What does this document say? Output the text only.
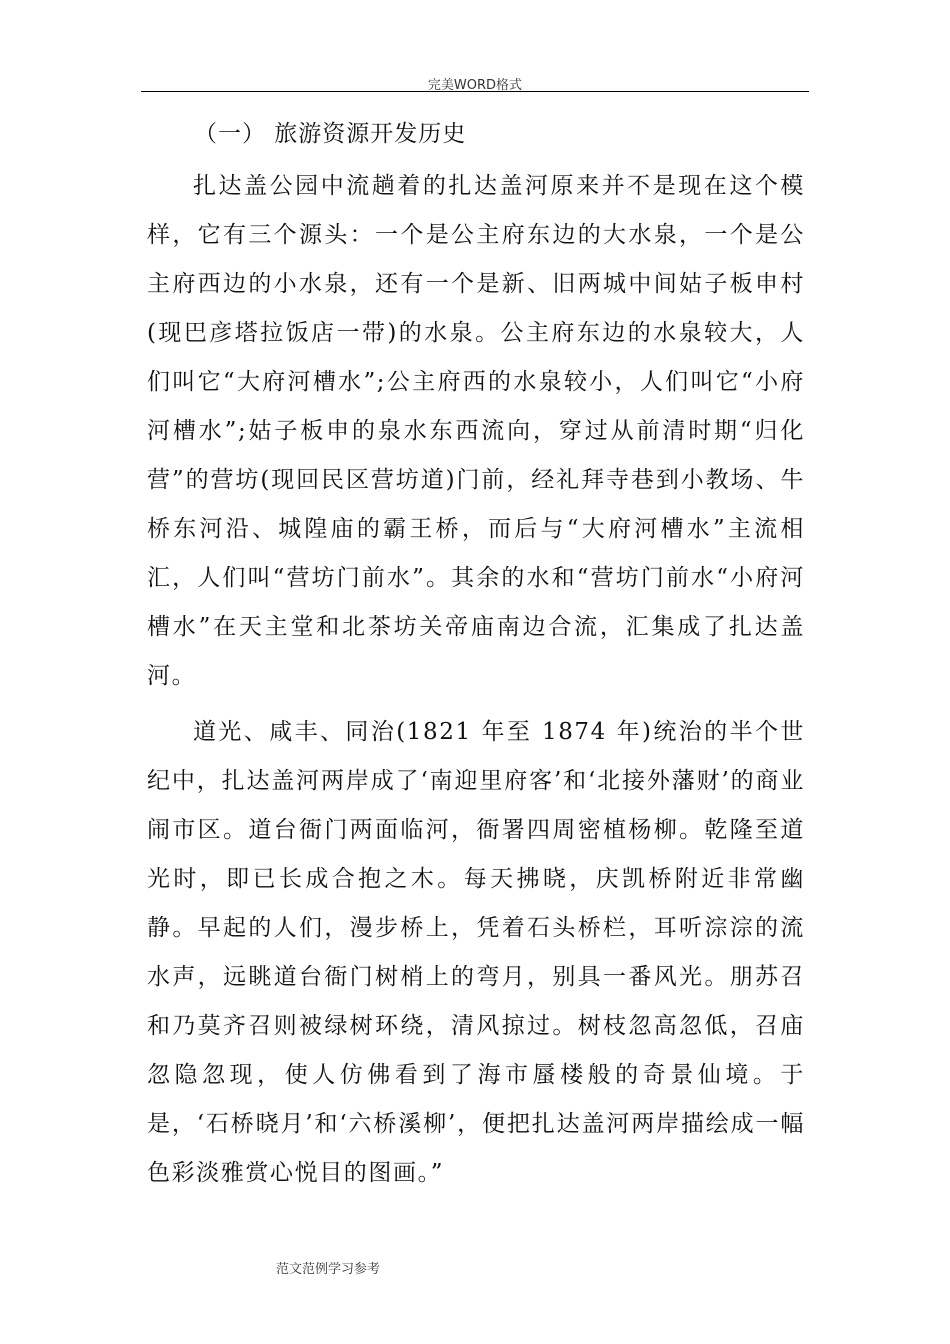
完美WORD格式
（一） 旅游资源开发历史

扎达盖公园中流趟着的扎达盖河原来并不是现在这个模样，它有三个源头：一个是公主府东边的大水泉，一个是公主府西边的小水泉，还有一个是新、旧两城中间姑子板申村(现巴彦塔拉饭店一带)的水泉。公主府东边的水泉较大，人们叫它“大府河槽水”;公主府西的水泉较小，人们叫它“小府河槽水”;姑子板申的泉水东西流向，穿过从前清时期“归化营”的营坊(现回民区营坊道)门前，经礼拜寺巷到小教场、牛桥东河沿、城隍庙的霸王桥，而后与“大府河槽水”主流相汇，人们叫“营坊门前水”。其余的水和“营坊门前水“小府河槽水”在天主堂和北茶坊关帝庙南边合流，汇集成了扎达盖河。

道光、咸丰、同治(1821 年至 1874 年)统治的半个世纪中，扎达盖河两岸成了‘南迎里府客’和‘北接外藩财’的商业闹市区。道台衙门两面临河，衙署四周密植杨柳。乾隆至道光时，即已长成合抱之木。每天拂晓，庆凯桥附近非常幽静。早起的人们，漫步桥上，凭着石头桥栏，耳听淙淙的流水声，远眺道台衙门树梢上的弯月，别具一番风光。朋苏召和乃莫齐召则被绿树环绕，清风掠过。树枝忽高忽低，召庙忽隐忽现，使人仿佛看到了海市蜃楼般的奇景仙境。于是，‘石桥晓月’和‘六桥溪柳’，便把扎达盖河两岸描绘成一幅色彩淡雅赏心悦目的图画。”

范文范例学习参考
